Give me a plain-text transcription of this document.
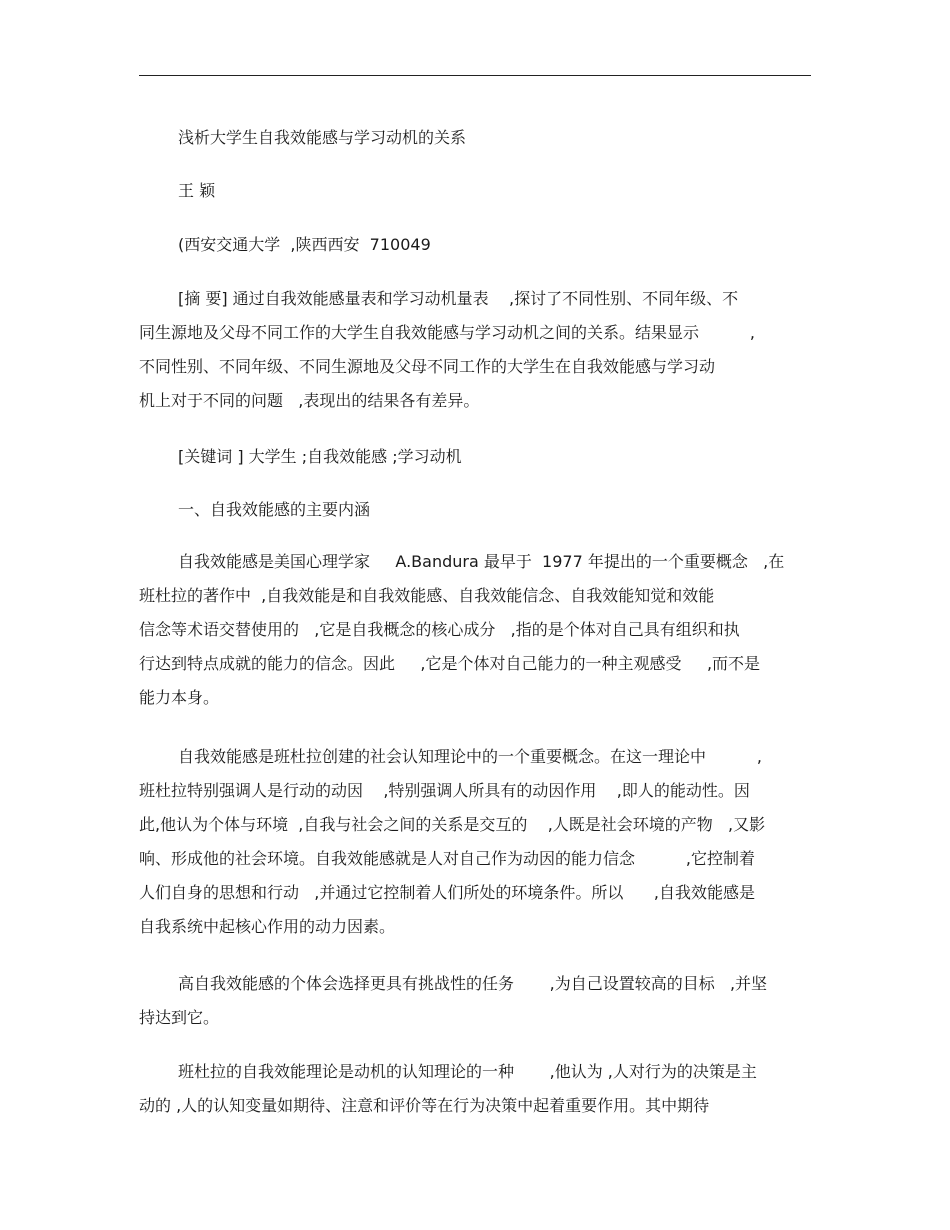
浅析大学生自我效能感与学习动机的关系
王 颖
(西安交通大学  ,陕西西安  710049
[摘 要] 通过自我效能感量表和学习动机量表    ,探讨了不同性别、不同年级、不
同生源地及父母不同工作的大学生自我效能感与学习动机之间的关系。结果显示          ,
不同性别、不同年级、不同生源地及父母不同工作的大学生在自我效能感与学习动
机上对于不同的问题   ,表现出的结果各有差异。
[关键词 ] 大学生 ;自我效能感 ;学习动机
一、自我效能感的主要内涵
自我效能感是美国心理学家     A.Bandura 最早于  1977 年提出的一个重要概念   ,在
班杜拉的著作中  ,自我效能是和自我效能感、自我效能信念、自我效能知觉和效能
信念等术语交替使用的   ,它是自我概念的核心成分   ,指的是个体对自己具有组织和执
行达到特点成就的能力的信念。因此     ,它是个体对自己能力的一种主观感受     ,而不是
能力本身。
自我效能感是班杜拉创建的社会认知理论中的一个重要概念。在这一理论中          ,
班杜拉特别强调人是行动的动因    ,特别强调人所具有的动因作用    ,即人的能动性。因
此,他认为个体与环境  ,自我与社会之间的关系是交互的    ,人既是社会环境的产物   ,又影
响、形成他的社会环境。自我效能感就是人对自己作为动因的能力信念          ,它控制着
人们自身的思想和行动   ,并通过它控制着人们所处的环境条件。所以      ,自我效能感是
自我系统中起核心作用的动力因素。
高自我效能感的个体会选择更具有挑战性的任务       ,为自己设置较高的目标   ,并坚
持达到它。
班杜拉的自我效能理论是动机的认知理论的一种       ,他认为 ,人对行为的决策是主
动的 ,人的认知变量如期待、注意和评价等在行为决策中起着重要作用。其中期待
